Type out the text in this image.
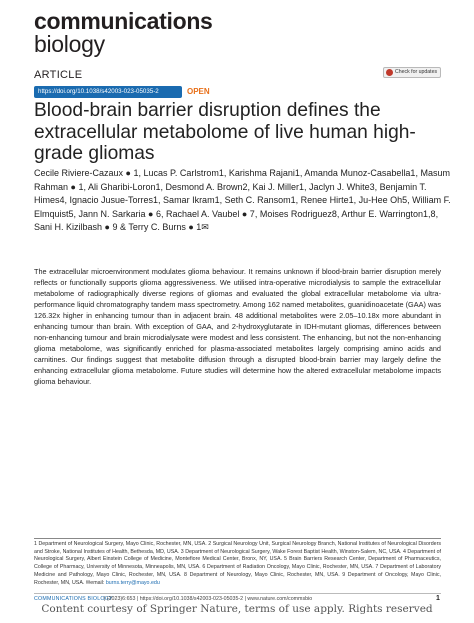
communications
biology
ARTICLE	Check for updates
https://doi.org/10.1038/s42003-023-05035-2	OPEN
Blood-brain barrier disruption defines the extracellular metabolome of live human high-grade gliomas
Cecile Riviere-Cazaux ● 1, Lucas P. Carlstrom1, Karishma Rajani1, Amanda Munoz-Casabella1, Masum Rahman ● 1, Ali Gharibi-Loron1, Desmond A. Brown2, Kai J. Miller1, Jaclyn J. White3, Benjamin T. Himes4, Ignacio Jusue-Torres1, Samar Ikram1, Seth C. Ransom1, Renee Hirte1, Ju-Hee Oh5, William F. Elmquist5, Jann N. Sarkaria ● 6, Rachael A. Vaubel ● 7, Moises Rodriguez8, Arthur E. Warrington1,8, Sani H. Kizilbash ● 9 & Terry C. Burns ● 1✉
The extracellular microenvironment modulates glioma behaviour. It remains unknown if blood-brain barrier disruption merely reflects or functionally supports glioma aggressiveness. We utilised intra-operative microdialysis to sample the extracellular metabolome of radiographically diverse regions of gliomas and evaluated the global extracellular metabolome via ultra-performance liquid chromatography tandem mass spectrometry. Among 162 named metabolites, guanidinoacetate (GAA) was 126.32x higher in enhancing tumour than in adjacent brain. 48 additional metabolites were 2.05–10.18x more abundant in enhancing tumour than brain. With exception of GAA, and 2-hydroxyglutarate in IDH-mutant gliomas, differences between non-enhancing tumour and brain microdialysate were modest and less consistent. The enhancing, but not the non-enhancing glioma metabolome, was significantly enriched for plasma-associated metabolites largely comprising amino acids and carnitines. Our findings suggest that metabolite diffusion through a disrupted blood-brain barrier may largely define the enhancing extracellular glioma metabolome. Future studies will determine how the altered extracellular metabolome impacts glioma behaviour.
1 Department of Neurological Surgery, Mayo Clinic, Rochester, MN, USA. 2 Surgical Neurology Unit, Surgical Neurology Branch, National Institutes of Neurological Disorders and Stroke, National Institutes of Health, Bethesda, MD, USA. 3 Department of Neurological Surgery, Wake Forest Baptist Health, Winston-Salem, NC, USA. 4 Department of Neurological Surgery, Albert Einstein College of Medicine, Montefiore Medical Center, Bronx, NY, USA. 5 Brain Barriers Research Center, Department of Pharmaceutics, College of Pharmacy, University of Minnesota, Minneapolis, MN, USA. 6 Department of Radiation Oncology, Mayo Clinic, Rochester, MN, USA. 7 Department of Laboratory Medicine and Pathology, Mayo Clinic, Rochester, MN, USA. 8 Department of Neurology, Mayo Clinic, Rochester, MN, USA. 9 Department of Oncology, Mayo Clinic, Rochester, MN, USA. ✉email: burns.terry@mayo.edu
COMMUNICATIONS BIOLOGY
| (2023)6:653 | https://doi.org/10.1038/s42003-023-05035-2 | www.nature.com/commsbio	1
Content courtesy of Springer Nature, terms of use apply. Rights reserved
